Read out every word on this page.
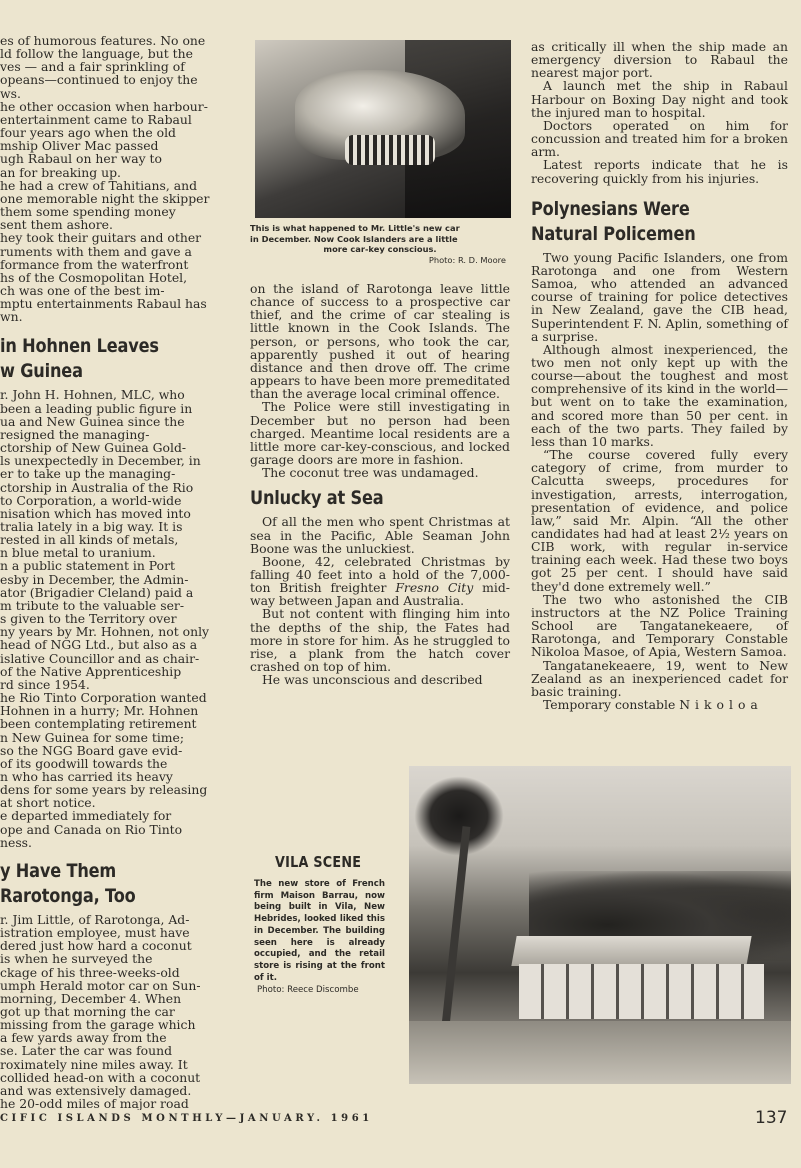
es of humorous features. No one
ld follow the language, but the
ves — and a fair sprinkling of
opeans—continued to enjoy the
ws.
he other occasion when harbour-
entertainment came to Rabaul
four years ago when the old
mship Oliver Mac passed
ugh Rabaul on her way to
an for breaking up.
he had a crew of Tahitians, and
one memorable night the skipper
them some spending money
sent them ashore.
hey took their guitars and other
ruments with them and gave a
formance from the waterfront
hs of the Cosmopolitan Hotel,
ch was one of the best im-
mptu entertainments Rabaul has
wn.
in Hohnen Leaves
w Guinea
r. John H. Hohnen, MLC, who
been a leading public figure in
ua and New Guinea since the
resigned the managing-
ctorship of New Guinea Gold-
ls unexpectedly in December, in
er to take up the managing-
ctorship in Australia of the Rio
to Corporation, a world-wide
nisation which has moved into
tralia lately in a big way. It is
rested in all kinds of metals,
n blue metal to uranium.
n a public statement in Port
esby in December, the Admin-
ator (Brigadier Cleland) paid a
m tribute to the valuable ser-
s given to the Territory over
ny years by Mr. Hohnen, not only
head of NGG Ltd., but also as a
islative Councillor and as chair-
of the Native Apprenticeship
rd since 1954.
he Rio Tinto Corporation wanted
Hohnen in a hurry; Mr. Hohnen
been contemplating retirement
n New Guinea for some time;
so the NGG Board gave evid-
of its goodwill towards the
n who has carried its heavy
dens for some years by releasing
at short notice.
e departed immediately for
ope and Canada on Rio Tinto
ness.
y Have Them
Rarotonga, Too
r. Jim Little, of Rarotonga, Ad-
istration employee, must have
dered just how hard a coconut
is when he surveyed the
ckage of his three-weeks-old
umph Herald motor car on Sun-
morning, December 4. When
got up that morning the car
missing from the garage which
a few yards away from the
se. Later the car was found
roximately nine miles away. It
collided head-on with a coconut
and was extensively damaged.
he 20-odd miles of major road
This is what happened to Mr. Little's new car
in December. Now Cook Islanders are a little
more car-key conscious.
Photo: R. D. Moore

on the island of Rarotonga leave little chance of success to a prospective car thief, and the crime of car stealing is little known in the Cook Islands. The person, or persons, who took the car, apparently pushed it out of hearing distance and then drove off. The crime appears to have been more premeditated than the average local criminal offence.

The Police were still investigating in December but no person had been charged. Meantime local residents are a little more car-key-conscious, and locked garage doors are more in fashion.

The coconut tree was undamaged.

Unlucky at Sea

Of all the men who spent Christmas at sea in the Pacific, Able Seaman John Boone was the unluckiest.

Boone, 42, celebrated Christmas by falling 40 feet into a hold of the 7,000-ton British freighter Fresno City mid-way between Japan and Australia.

But not content with flinging him into the depths of the ship, the Fates had more in store for him. As he struggled to rise, a plank from the hatch cover crashed on top of him.

He was unconscious and described

as critically ill when the ship made an emergency diversion to Rabaul the nearest major port.

A launch met the ship in Rabaul Harbour on Boxing Day night and took the injured man to hospital.

Doctors operated on him for concussion and treated him for a broken arm.

Latest reports indicate that he is recovering quickly from his injuries.

Polynesians Were
Natural Policemen

Two young Pacific Islanders, one from Rarotonga and one from Western Samoa, who attended an advanced course of training for police detectives in New Zealand, gave the CIB head, Superintendent F. N. Aplin, something of a surprise.

Although almost inexperienced, the two men not only kept up with the course—about the toughest and most comprehensive of its kind in the world—but went on to take the examination, and scored more than 50 per cent. in each of the two parts. They failed by less than 10 marks.

“The course covered fully every category of crime, from murder to Calcutta sweeps, procedures for investigation, arrests, interrogation, presentation of evidence, and police law,” said Mr. Alpin. “All the other candidates had had at least 2½ years on CIB work, with regular in-service training each week. Had these two boys got 25 per cent. I should have said they'd done extremely well.”

The two who astonished the CIB instructors at the NZ Police Training School are Tangatanekeaere, of Rarotonga, and Temporary Constable Nikoloa Masoe, of Apia, Western Samoa.

Tangatanekeaere, 19, went to New Zealand as an inexperienced cadet for basic training.

Temporary constable Nikoloa

VILA SCENE
The new store of French firm Maison Barrau, now being built in Vila, New Hebrides, looked liked this in December. The building seen here is already occupied, and the retail store is rising at the front of it.
Photo: Reece Discombe
CIFIC ISLANDS MONTHLY—JANUARY. 1961	137
